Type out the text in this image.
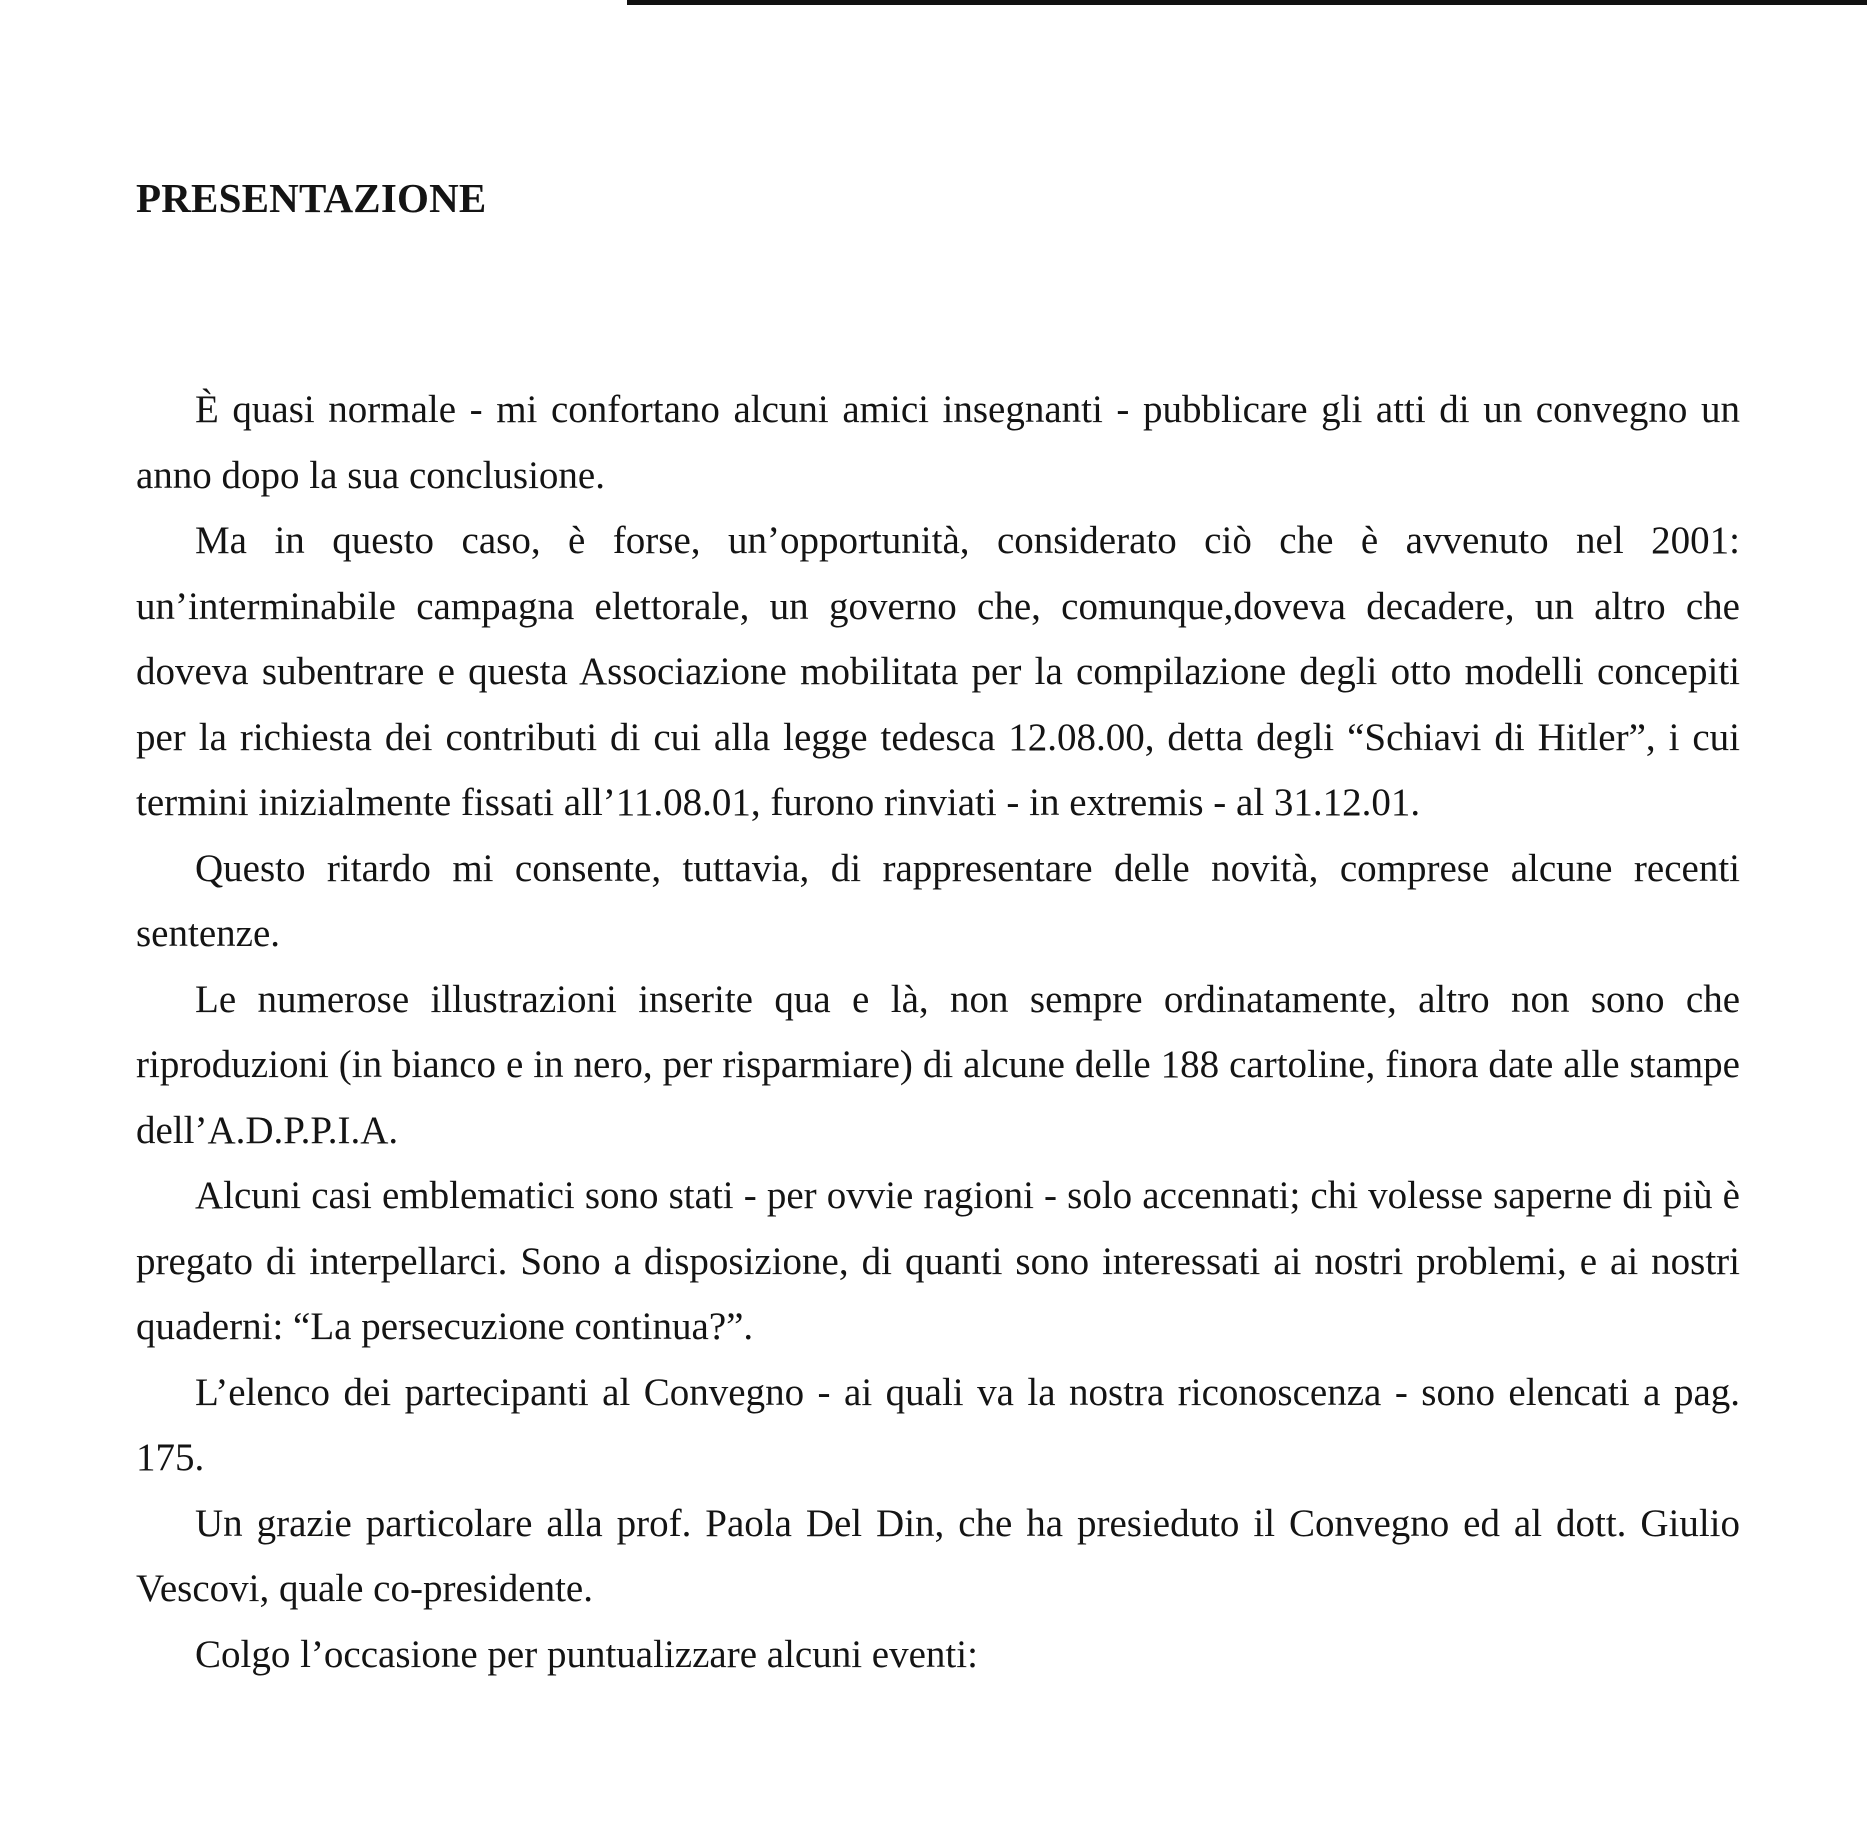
PRESENTAZIONE

È quasi normale - mi confortano alcuni amici insegnanti - pubblicare gli atti di un convegno un anno dopo la sua conclusione.

Ma in questo caso, è forse, un’opportunità, considerato ciò che è avvenuto nel 2001: un’interminabile campagna elettorale, un governo che, comunque,doveva decadere, un altro che doveva subentrare e questa Associazione mobilitata per la compilazione degli otto modelli concepiti per la richiesta dei contributi di cui alla legge tedesca 12.08.00, detta degli “Schiavi di Hitler”, i cui termini inizialmente fissati all’11.08.01, furono rinviati - in extremis - al 31.12.01.

Questo ritardo mi consente, tuttavia, di rappresentare delle novità, comprese alcune recenti sentenze.

Le numerose illustrazioni inserite qua e là, non sempre ordinatamente, altro non sono che riproduzioni (in bianco e in nero, per risparmiare) di alcune delle 188 cartoline, finora date alle stampe dell’A.D.P.P.I.A.

Alcuni casi emblematici sono stati - per ovvie ragioni - solo accennati; chi volesse saperne di più è pregato di interpellarci. Sono a disposizione, di quanti sono interessati ai nostri problemi, e ai nostri quaderni: “La persecuzione continua?”.

L’elenco dei partecipanti al Convegno - ai quali va la nostra riconoscenza - sono elencati a pag. 175.

Un grazie particolare alla prof. Paola Del Din, che ha presieduto il Convegno ed al dott. Giulio Vescovi, quale co-presidente.

Colgo l’occasione per puntualizzare alcuni eventi:
